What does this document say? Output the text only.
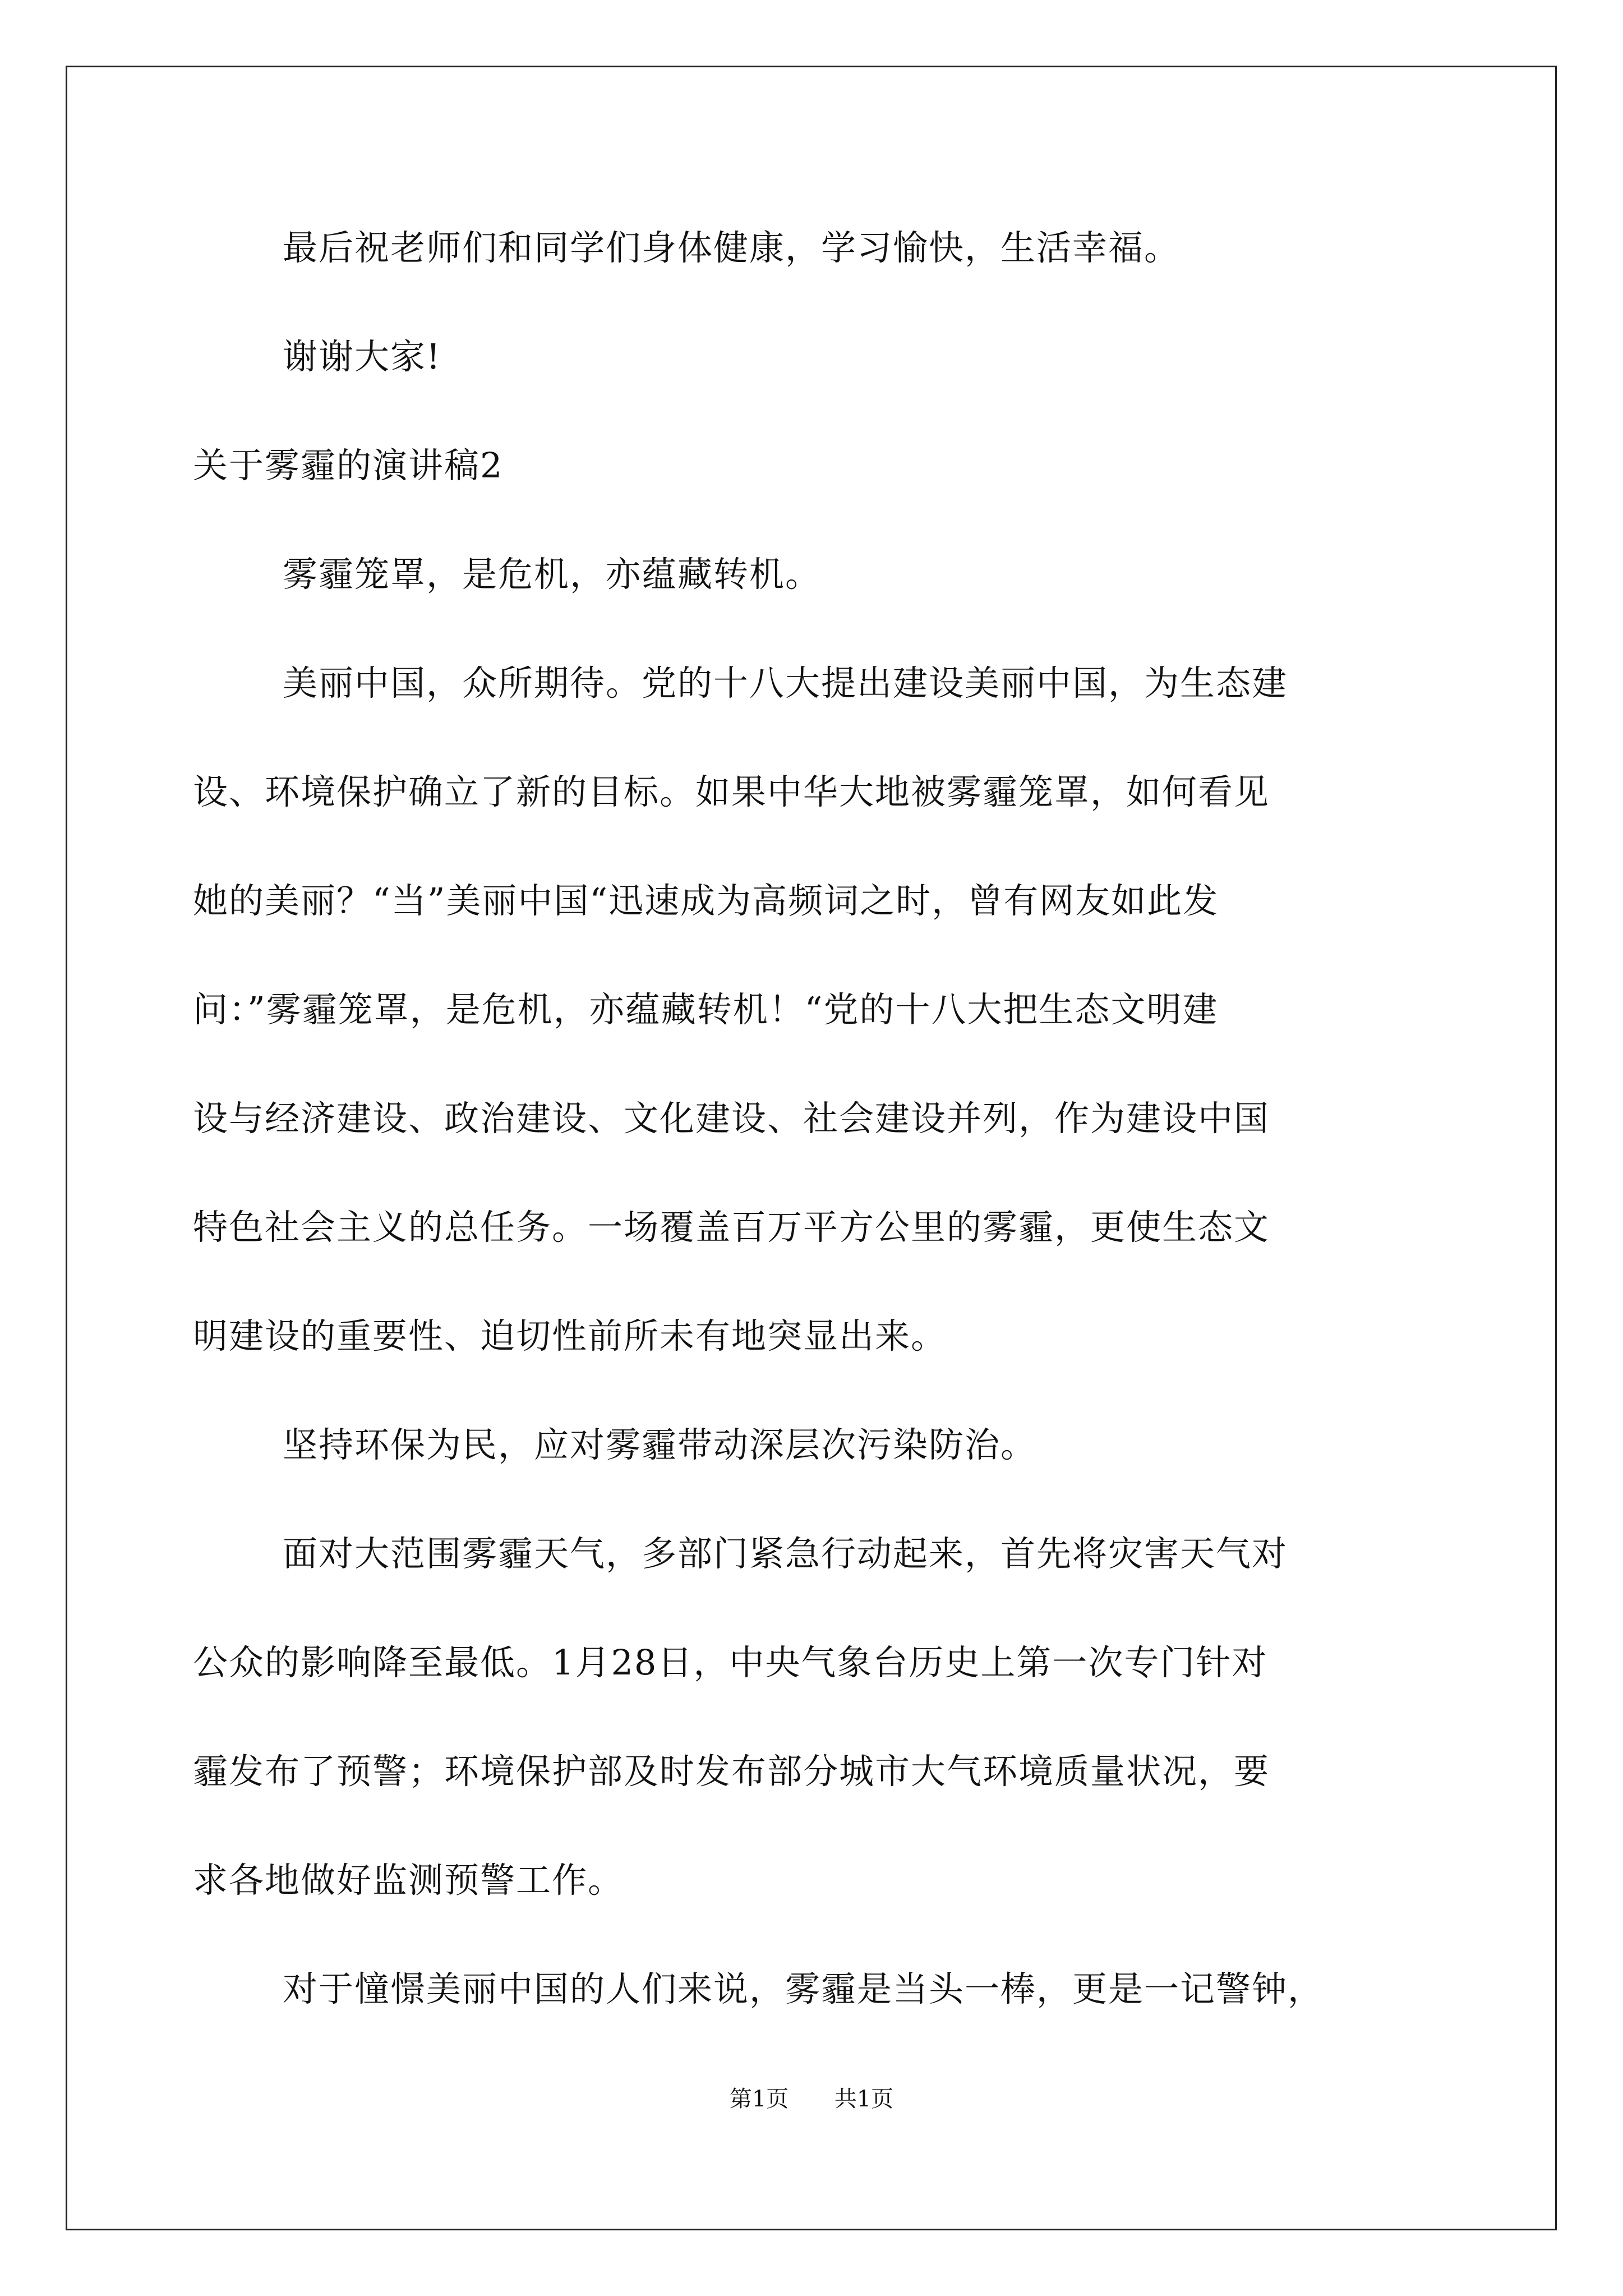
最后祝老师们和同学们身体健康，学习愉快，生活幸福。
谢谢大家!
关于雾霾的演讲稿2
雾霾笼罩，是危机，亦蕴藏转机。
美丽中国，众所期待。党的十八大提出建设美丽中国，为生态建
设、环境保护确立了新的目标。如果中华大地被雾霾笼罩，如何看见
她的美丽？“当”美丽中国“迅速成为高频词之时，曾有网友如此发
问：”雾霾笼罩，是危机，亦蕴藏转机！“党的十八大把生态文明建
设与经济建设、政治建设、文化建设、社会建设并列，作为建设中国
特色社会主义的总任务。一场覆盖百万平方公里的雾霾，更使生态文
明建设的重要性、迫切性前所未有地突显出来。
坚持环保为民，应对雾霾带动深层次污染防治。
面对大范围雾霾天气，多部门紧急行动起来，首先将灾害天气对
公众的影响降至最低。1月28日，中央气象台历史上第一次专门针对
霾发布了预警；环境保护部及时发布部分城市大气环境质量状况，要
求各地做好监测预警工作。
对于憧憬美丽中国的人们来说，雾霾是当头一棒，更是一记警钟，
第1页 共1页
